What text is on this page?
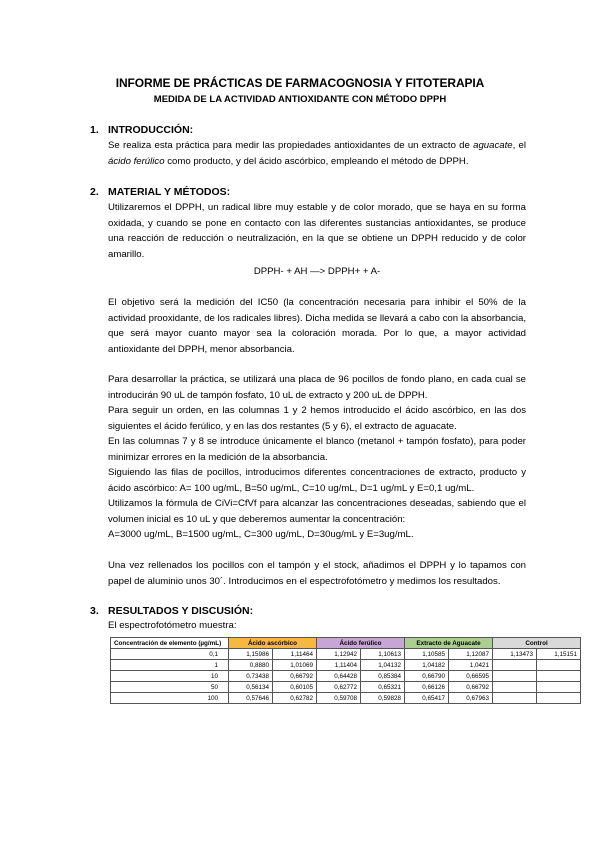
INFORME DE PRÁCTICAS DE FARMACOGNOSIA Y FITOTERAPIA
MEDIDA DE LA ACTIVIDAD ANTIOXIDANTE CON MÉTODO DPPH
1. INTRODUCCIÓN:

Se realiza esta práctica para medir las propiedades antioxidantes de un extracto de aguacate, el ácido ferúlico como producto, y del ácido ascórbico, empleando el método de DPPH.

2. MATERIAL Y MÉTODOS:

Utilizaremos el DPPH, un radical libre muy estable y de color morado, que se haya en su forma oxidada, y cuando se pone en contacto con las diferentes sustancias antioxidantes, se produce una reacción de reducción o neutralización, en la que se obtiene un DPPH reducido y de color amarillo.

DPPH- + AH —> DPPH+ + A-

El objetivo será la medición del IC50 (la concentración necesaria para inhibir el 50% de la actividad prooxidante, de los radicales libres). Dicha medida se llevará a cabo con la absorbancia, que será mayor cuanto mayor sea la coloración morada. Por lo que, a mayor actividad antioxidante del DPPH, menor absorbancia.

Para desarrollar la práctica, se utilizará una placa de 96 pocillos de fondo plano, en cada cual se introducirán 90 uL de tampón fosfato, 10 uL de extracto y 200 uL de DPPH.

Para seguir un orden, en las columnas 1 y 2 hemos introducido el ácido ascórbico, en las dos siguientes el ácido ferúlico, y en las dos restantes (5 y 6), el extracto de aguacate.

En las columnas 7 y 8 se introduce únicamente el blanco (metanol + tampón fosfato), para poder minimizar errores en la medición de la absorbancia.

Siguiendo las filas de pocillos, introducimos diferentes concentraciones de extracto, producto y ácido ascórbico: A= 100 ug/mL, B=50 ug/mL, C=10 ug/mL, D=1 ug/mL y E=0,1 ug/mL.

Utilizamos la fórmula de CiVi=CfVf para alcanzar las concentraciones deseadas, sabiendo que el volumen inicial es 10 uL y que deberemos aumentar la concentración:

A=3000 ug/mL, B=1500 ug/mL, C=300 ug/mL, D=30ug/mL y E=3ug/mL.

Una vez rellenados los pocillos con el tampón y el stock, añadimos el DPPH y lo tapamos con papel de aluminio unos 30´. Introducimos en el espectrofotómetro y medimos los resultados.

3. RESULTADOS Y DISCUSIÓN:

El espectrofotómetro muestra:

Concentración de elemento (µg/mL)	Ácido ascórbico		Ácido ferúlico		Extracto de Aguacate		Control	
0,1	1,15986	1,11464	1,12942	1,10613	1,10585	1,12087	1,13473	1,15151
1	0,8880	1,01069	1,11404	1,04132	1,04182	1,0421		
10	0,73438	0,66792	0,64428	0,85384	0,66790	0,66595		
50	0,56134	0,60105	0,62772	0,65321	0,66126	0,66792		
100	0,57646	0,62782	0,59708	0,59828	0,65417	0,67963		
